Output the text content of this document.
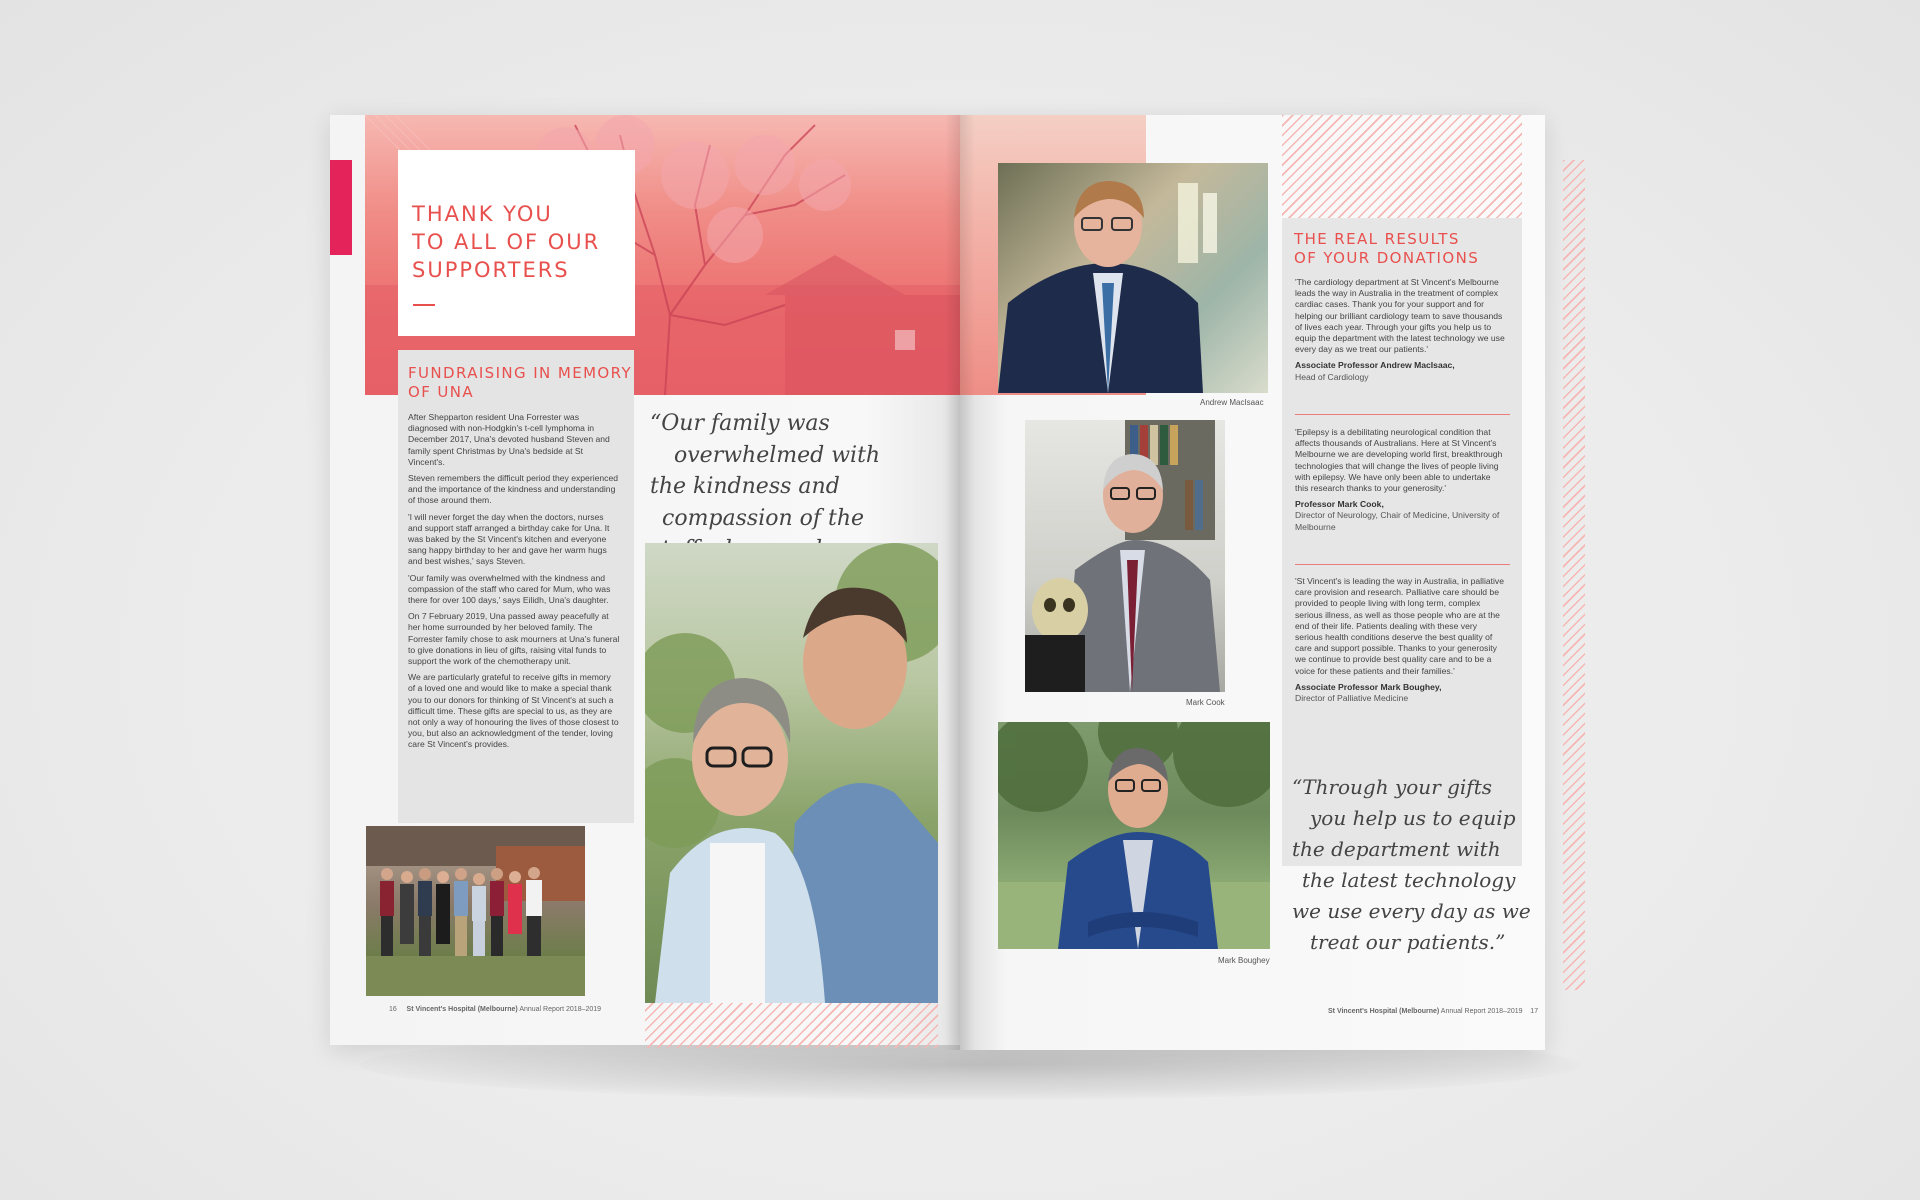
THANK YOU
TO ALL OF OUR
SUPPORTERS
FUNDRAISING IN MEMORY
OF UNA

After Shepparton resident Una Forrester was diagnosed with non-Hodgkin's t-cell lymphoma in December 2017, Una's devoted husband Steven and family spent Christmas by Una's bedside at St Vincent's.

Steven remembers the difficult period they experienced and the importance of the kindness and understanding of those around them.

'I will never forget the day when the doctors, nurses and support staff arranged a birthday cake for Una. It was baked by the St Vincent's kitchen and everyone sang happy birthday to her and gave her warm hugs and best wishes,' says Steven.

'Our family was overwhelmed with the kindness and compassion of the staff who cared for Mum, who was there for over 100 days,' says Eilidh, Una's daughter.

On 7 February 2019, Una passed away peacefully at her home surrounded by her beloved family. The Forrester family chose to ask mourners at Una's funeral to give donations in lieu of gifts, raising vital funds to support the work of the chemotherapy unit.

We are particularly grateful to receive gifts in memory of a loved one and would like to make a special thank you to our donors for thinking of St Vincent's at such a difficult time. These gifts are special to us, as they are not only a way of honouring the lives of those closest to you, but also an acknowledgment of the tender, loving care St Vincent's provides.

“Our family was
overwhelmed with
the kindness and
compassion of the
Andrew MacIsaac
Mark Cook
Mark Boughey
THE REAL RESULTS
OF YOUR DONATIONS

'The cardiology department at St Vincent's Melbourne leads the way in Australia in the treatment of complex cardiac cases. Thank you for your support and for helping our brilliant cardiology team to save thousands of lives each year. Through your gifts you help us to equip the department with the latest technology we use every day as we treat our patients.'

Associate Professor Andrew MacIsaac,
Head of Cardiology

'Epilepsy is a debilitating neurological condition that affects thousands of Australians. Here at St Vincent's Melbourne we are developing world first, breakthrough technologies that will change the lives of people living with epilepsy. We have only been able to undertake this research thanks to your generosity.'

Professor Mark Cook,
Director of Neurology, Chair of Medicine, University of Melbourne

'St Vincent's is leading the way in Australia, in palliative care provision and research. Palliative care should be provided to people living with long term, complex serious illness, as well as those people who are at the end of their life. Patients dealing with these very serious health conditions deserve the best quality of care and support possible. Thanks to your generosity we continue to provide best quality care and to be a voice for these patients and their families.'

Associate Professor Mark Boughey,
Director of Palliative Medicine
“Through your gifts
you help us to equip
the department with
the latest technology
we use every day as we
treat our patients.”
16 St Vincent's Hospital (Melbourne) Annual Report 2018–2019	St Vincent's Hospital (Melbourne) Annual Report 2018–2019 17
